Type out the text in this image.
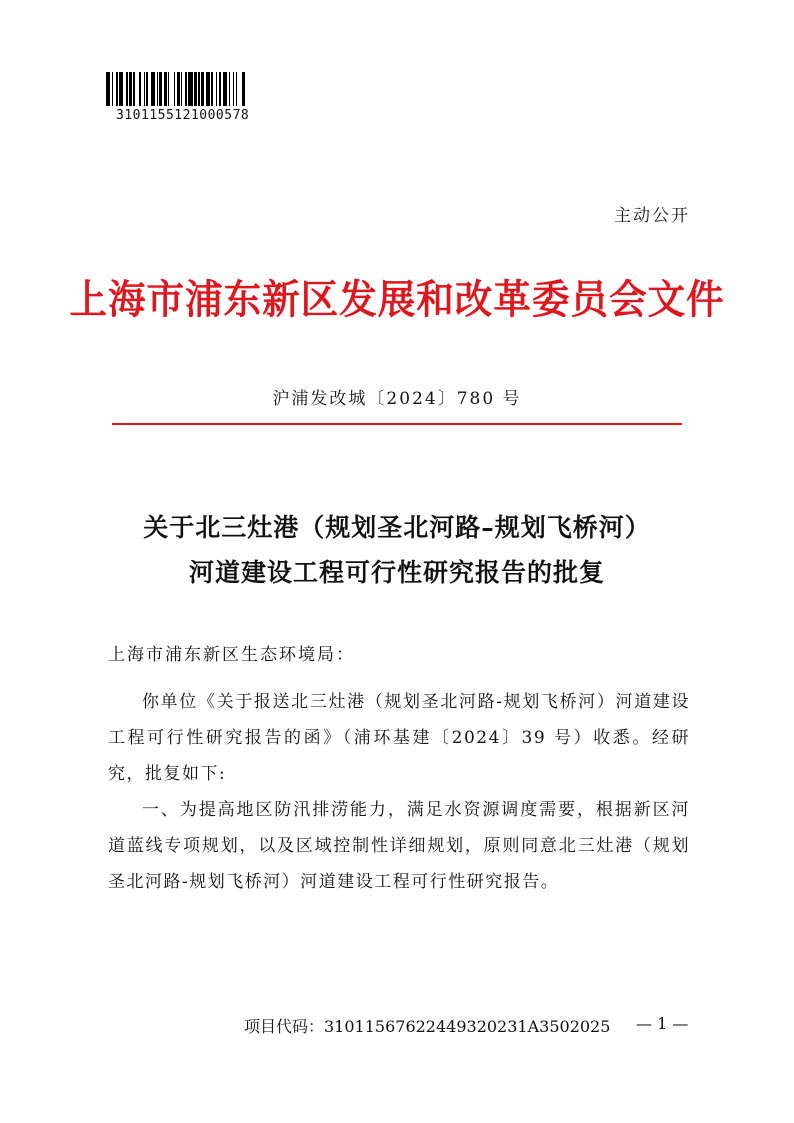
3101155121000578
主动公开
上海市浦东新区发展和改革委员会文件
沪浦发改城〔2024〕780 号
关于北三灶港（规划圣北河路–规划飞桥河）
河道建设工程可行性研究报告的批复
上海市浦东新区生态环境局：

你单位《关于报送北三灶港（规划圣北河路-规划飞桥河）河道建设工程可行性研究报告的函》（浦环基建〔2024〕39 号）收悉。经研究，批复如下:

一、为提高地区防汛排涝能力，满足水资源调度需要，根据新区河道蓝线专项规划，以及区域控制性详细规划，原则同意北三灶港（规划圣北河路-规划飞桥河）河道建设工程可行性研究报告。

项目代码：31011567622449320231A3502025 — 1 —
